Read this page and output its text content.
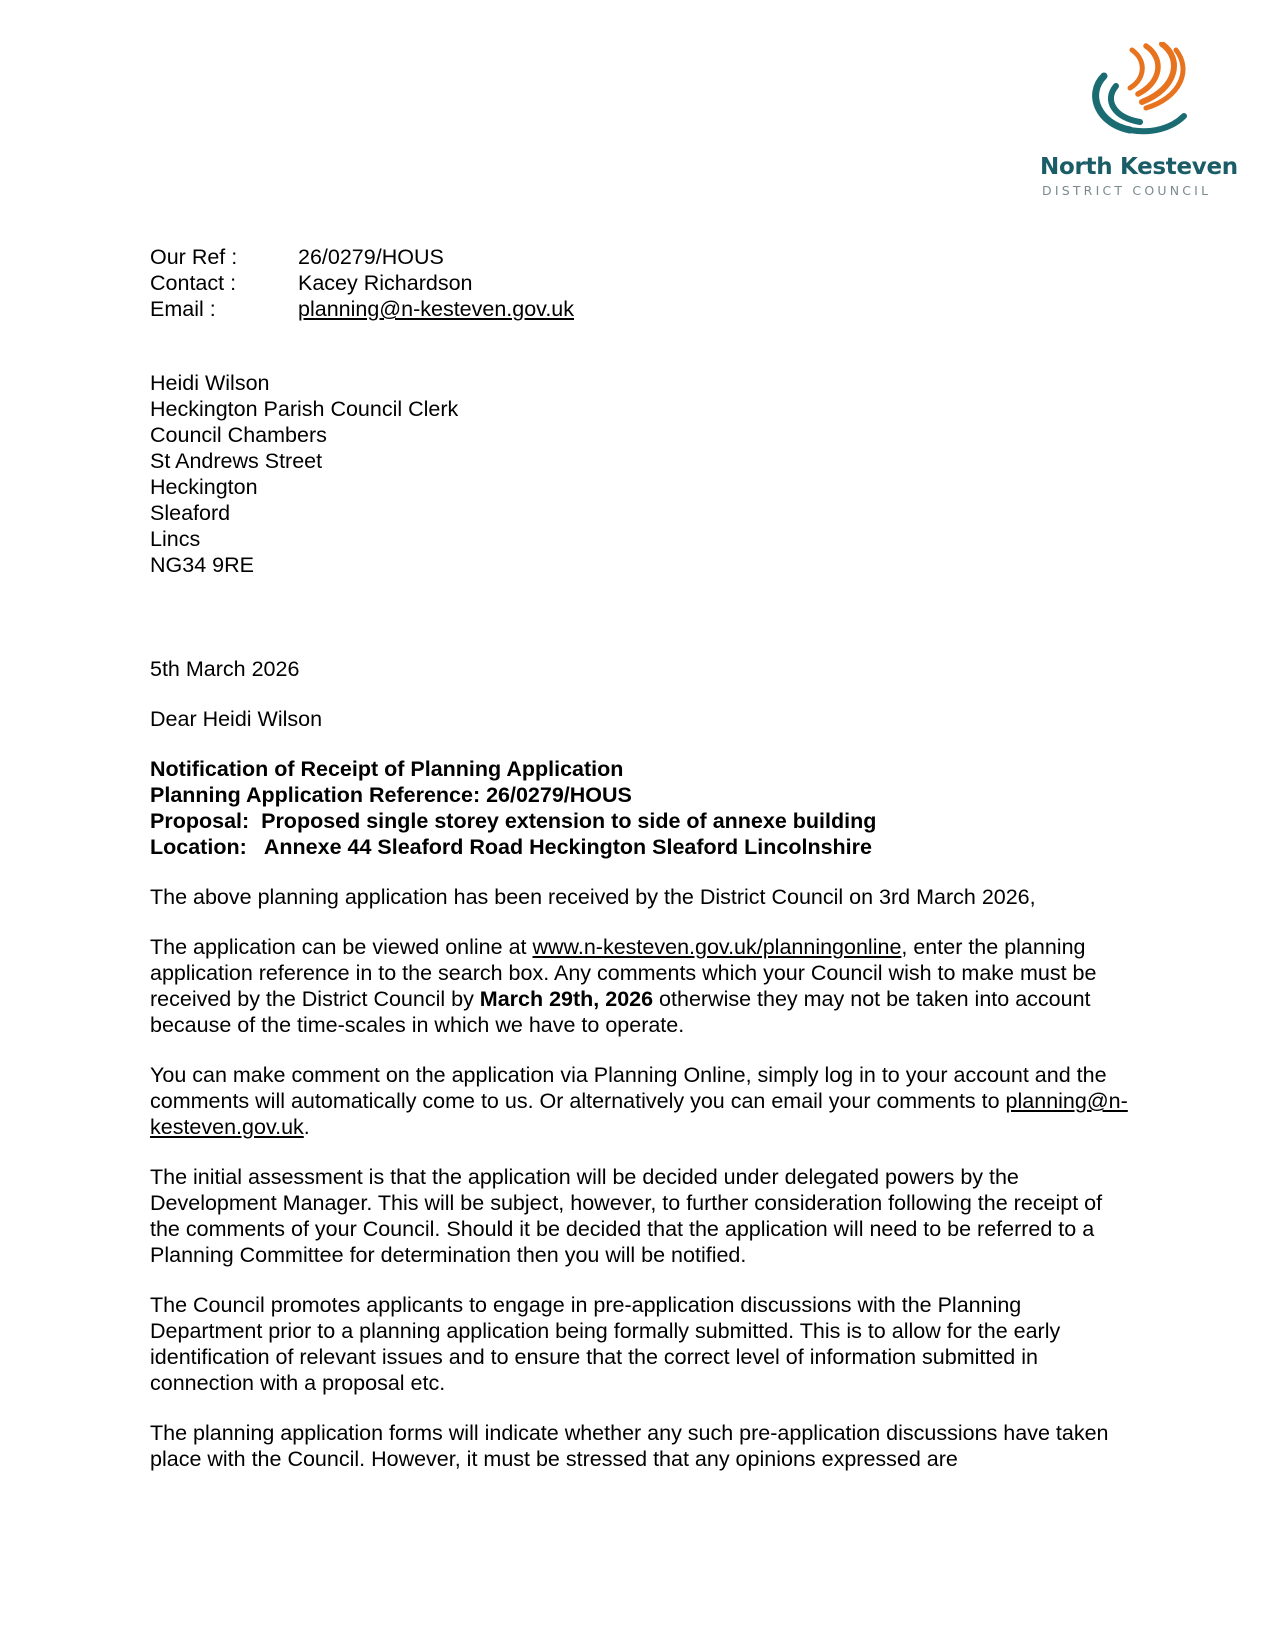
North Kesteven
DISTRICT COUNCIL
Our Ref :	26/0279/HOUS
Contact :	Kacey Richardson
Email :	planning@n-kesteven.gov.uk
Heidi Wilson
Heckington Parish Council Clerk
Council Chambers
St Andrews Street
Heckington
Sleaford
Lincs
NG34 9RE
5th March 2026
Dear Heidi Wilson
Notification of Receipt of Planning Application
Planning Application Reference: 26/0279/HOUS
Proposal:  Proposed single storey extension to side of annexe building
Location:   Annexe 44 Sleaford Road Heckington Sleaford Lincolnshire
The above planning application has been received by the District Council on 3rd March 2026,
The application can be viewed online at www.n-kesteven.gov.uk/planningonline, enter the planning application reference in to the search box. Any comments which your Council wish to make must be received by the District Council by March 29th, 2026 otherwise they may not be taken into account because of the time-scales in which we have to operate.
You can make comment on the application via Planning Online, simply log in to your account and the comments will automatically come to us. Or alternatively you can email your comments to planning@n-kesteven.gov.uk.
The initial assessment is that the application will be decided under delegated powers by the Development Manager. This will be subject, however, to further consideration following the receipt of the comments of your Council. Should it be decided that the application will need to be referred to a Planning Committee for determination then you will be notified.
The Council promotes applicants to engage in pre-application discussions with the Planning Department prior to a planning application being formally submitted. This is to allow for the early identification of relevant issues and to ensure that the correct level of information submitted in connection with a proposal etc.
The planning application forms will indicate whether any such pre-application discussions have taken place with the Council. However, it must be stressed that any opinions expressed are
